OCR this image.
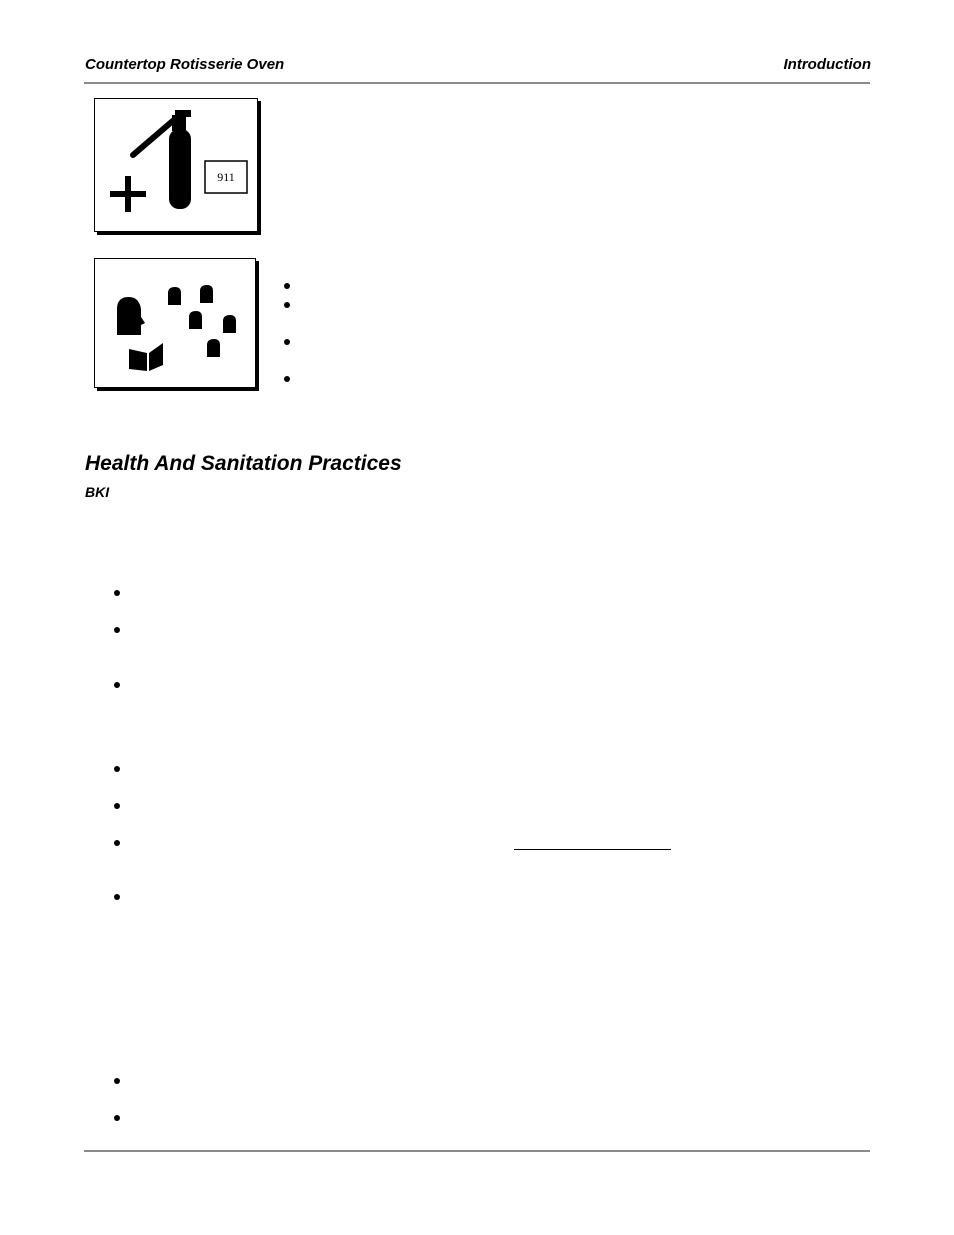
Countertop Rotisserie Oven	Introduction
911
Health And Sanitation Practices
BKI
